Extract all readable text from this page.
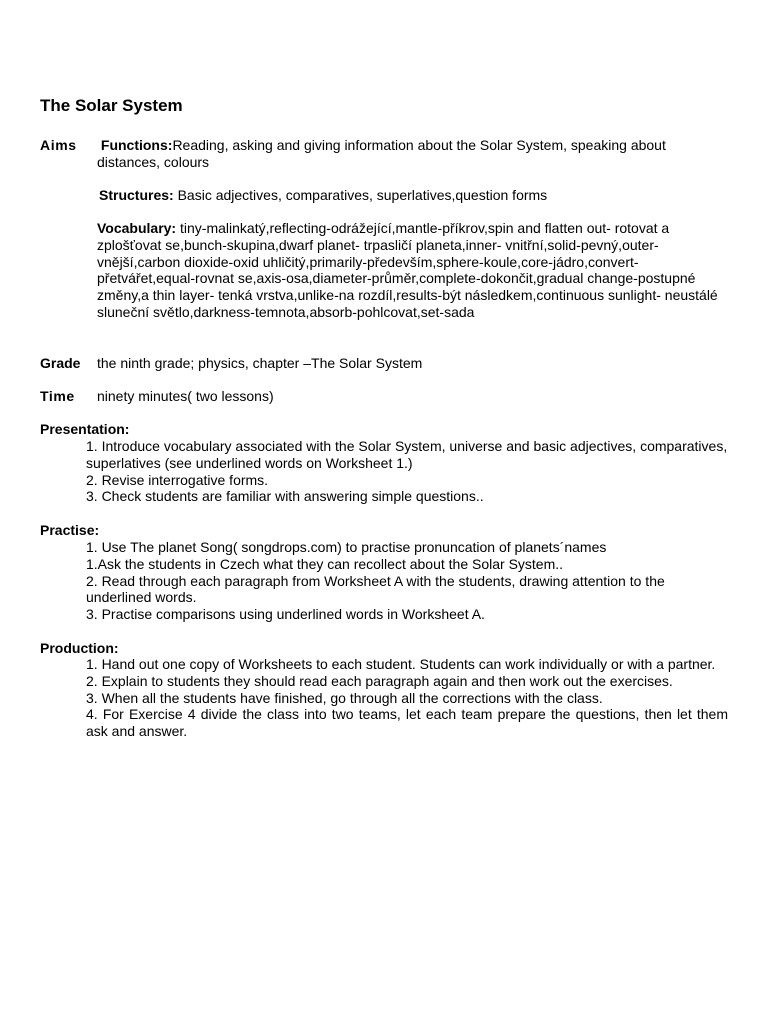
The Solar System
Aims Functions:Reading, asking and giving information about the Solar System, speaking about distances, colours
Structures: Basic adjectives, comparatives, superlatives,question forms
Vocabulary: tiny-malinkatý,reflecting-odrážející,mantle-příkrov,spin and flatten out- rotovat a zplošťovat se,bunch-skupina,dwarf planet- trpasličí planeta,inner- vnitřní,solid-pevný,outer-vnější,carbon dioxide-oxid uhličitý,primarily-především,sphere-koule,core-jádro,convert-přetvářet,equal-rovnat se,axis-osa,diameter-průměr,complete-dokončit,gradual change-postupné změny,a thin layer- tenká vrstva,unlike-na rozdíl,results-být následkem,continuous sunlight- neustálé sluneční světlo,darkness-temnota,absorb-pohlcovat,set-sada
Grade the ninth grade; physics, chapter –The Solar System
Time ninety minutes( two lessons)
Presentation:
1. Introduce vocabulary associated with the Solar System, universe and basic adjectives, comparatives, superlatives (see underlined words on Worksheet 1.)
2. Revise interrogative forms.
3. Check students are familiar with answering simple questions..
Practise:
1. Use The planet Song( songdrops.com) to practise pronuncation of planets´names
1.Ask the students in Czech what they can recollect about the Solar System..
2. Read through each paragraph from Worksheet A with the students, drawing attention to the underlined words.
3. Practise comparisons using underlined words in Worksheet A.
Production:
1. Hand out one copy of Worksheets to each student. Students can work individually or with a partner.
2. Explain to students they should read each paragraph again and then work out the exercises.
3. When all the students have finished, go through all the corrections with the class.
4. For Exercise 4 divide the class into two teams, let each team prepare the questions, then let them ask and answer.
